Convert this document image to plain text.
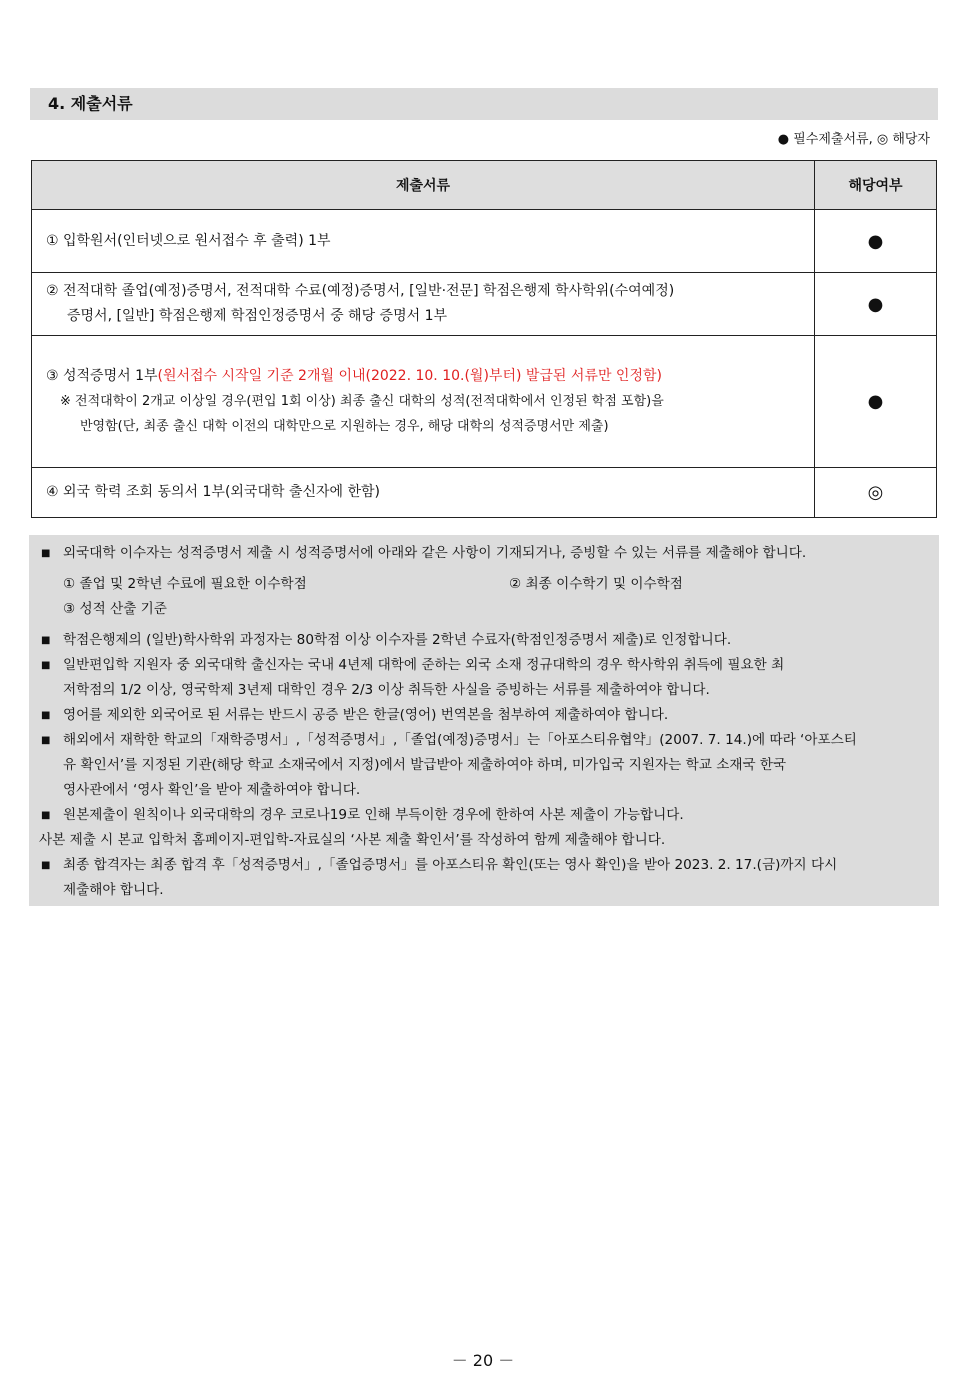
4. 제출서류
● 필수제출서류, ◎ 해당자
제출서류	해당여부
① 입학원서(인터넷으로 원서접수 후 출력) 1부	●

② 전적대학 졸업(예정)증명서, 전적대학 수료(예정)증명서, [일반·전문] 학점은행제 학사학위(수여예정)
증명서, [일반] 학점은행제 학점인정증명서 중 해당 증명서 1부	●

③ 성적증명서 1부(원서접수 시작일 기준 2개월 이내(2022. 10. 10.(월)부터) 발급된 서류만 인정함)
※ 전적대학이 2개교 이상일 경우(편입 1회 이상) 최종 출신 대학의 성적(전적대학에서 인정된 학점 포함)을
반영함(단, 최종 출신 대학 이전의 대학만으로 지원하는 경우, 해당 대학의 성적증명서만 제출)	●
④ 외국 학력 조회 동의서 1부(외국대학 출신자에 한함)	◎
■ 외국대학 이수자는 성적증명서 제출 시 성적증명서에 아래와 같은 사항이 기재되거나, 증빙할 수 있는 서류를 제출해야 합니다.
① 졸업 및 2학년 수료에 필요한 이수학점	② 최종 이수학기 및 이수학점
③ 성적 산출 기준
■ 학점은행제의 (일반)학사학위 과정자는 80학점 이상 이수자를 2학년 수료자(학점인정증명서 제출)로 인정합니다.
■ 일반편입학 지원자 중 외국대학 출신자는 국내 4년제 대학에 준하는 외국 소재 정규대학의 경우 학사학위 취득에 필요한 최
저학점의 1/2 이상, 영국학제 3년제 대학인 경우 2/3 이상 취득한 사실을 증빙하는 서류를 제출하여야 합니다.
■ 영어를 제외한 외국어로 된 서류는 반드시 공증 받은 한글(영어) 번역본을 첨부하여 제출하여야 합니다.
■ 해외에서 재학한 학교의「재학증명서」,「성적증명서」,「졸업(예정)증명서」는「아포스티유협약」(2007. 7. 14.)에 따라 ‘아포스티
유 확인서’를 지정된 기관(해당 학교 소재국에서 지정)에서 발급받아 제출하여야 하며, 미가입국 지원자는 학교 소재국 한국
영사관에서 ‘영사 확인’을 받아 제출하여야 합니다.
■ 원본제출이 원칙이나 외국대학의 경우 코로나19로 인해 부득이한 경우에 한하여 사본 제출이 가능합니다.
사본 제출 시 본교 입학처 홈페이지-편입학-자료실의 ‘사본 제출 확인서’를 작성하여 함께 제출해야 합니다.
■ 최종 합격자는 최종 합격 후「성적증명서」,「졸업증명서」를 아포스티유 확인(또는 영사 확인)을 받아 2023. 2. 17.(금)까지 다시
제출해야 합니다.
－ 20 －
